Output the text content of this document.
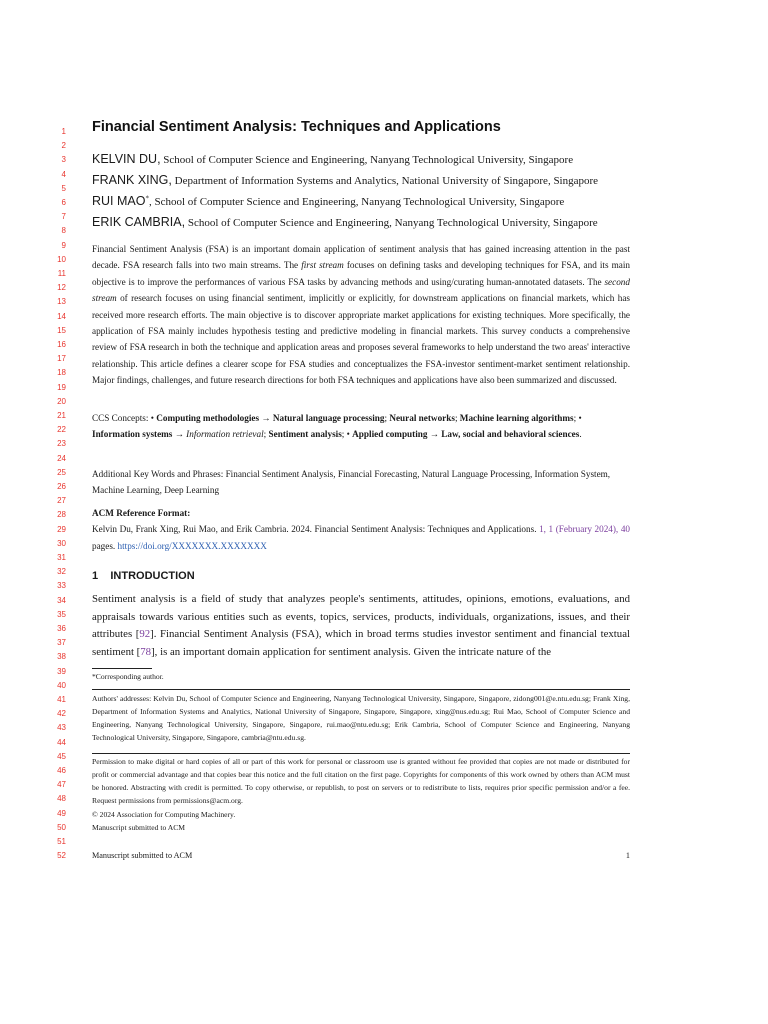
1
2
3
4
5
6
7
8
9
10
11
12
13
14
15
16
17
18
19
20
21
22
23
24
25
26
27
28
29
30
31
32
33
34
35
36
37
38
39
40
41
42
43
44
45
46
47
48
49
50
51
52
Financial Sentiment Analysis: Techniques and Applications
KELVIN DU, School of Computer Science and Engineering, Nanyang Technological University, Singapore
FRANK XING, Department of Information Systems and Analytics, National University of Singapore, Singapore
RUI MAO*, School of Computer Science and Engineering, Nanyang Technological University, Singapore
ERIK CAMBRIA, School of Computer Science and Engineering, Nanyang Technological University, Singapore
Financial Sentiment Analysis (FSA) is an important domain application of sentiment analysis that has gained increasing attention in the past decade. FSA research falls into two main streams. The first stream focuses on defining tasks and developing techniques for FSA, and its main objective is to improve the performances of various FSA tasks by advancing methods and using/curating human-annotated datasets. The second stream of research focuses on using financial sentiment, implicitly or explicitly, for downstream applications on financial markets, which has received more research efforts. The main objective is to discover appropriate market applications for existing techniques. More specifically, the application of FSA mainly includes hypothesis testing and predictive modeling in financial markets. This survey conducts a comprehensive review of FSA research in both the technique and application areas and proposes several frameworks to help understand the two areas' interactive relationship. This article defines a clearer scope for FSA studies and conceptualizes the FSA-investor sentiment-market sentiment relationship. Major findings, challenges, and future research directions for both FSA techniques and applications have also been summarized and discussed.
CCS Concepts: • Computing methodologies → Natural language processing; Neural networks; Machine learning algorithms; • Information systems → Information retrieval; Sentiment analysis; • Applied computing → Law, social and behavioral sciences.
Additional Key Words and Phrases: Financial Sentiment Analysis, Financial Forecasting, Natural Language Processing, Information System, Machine Learning, Deep Learning
ACM Reference Format:
Kelvin Du, Frank Xing, Rui Mao, and Erik Cambria. 2024. Financial Sentiment Analysis: Techniques and Applications. 1, 1 (February 2024), 40 pages. https://doi.org/XXXXXXX.XXXXXXX
1 INTRODUCTION
Sentiment analysis is a field of study that analyzes people's sentiments, attitudes, opinions, emotions, evaluations, and appraisals towards various entities such as events, topics, services, products, individuals, organizations, issues, and their attributes [92]. Financial Sentiment Analysis (FSA), which in broad terms studies investor sentiment and financial textual sentiment [78], is an important domain application for sentiment analysis. Given the intricate nature of the
*Corresponding author.
Authors' addresses: Kelvin Du, School of Computer Science and Engineering, Nanyang Technological University, Singapore, Singapore, zidong001@e.ntu.edu.sg; Frank Xing, Department of Information Systems and Analytics, National University of Singapore, Singapore, Singapore, xing@nus.edu.sg; Rui Mao, School of Computer Science and Engineering, Nanyang Technological University, Singapore, Singapore, rui.mao@ntu.edu.sg; Erik Cambria, School of Computer Science and Engineering, Nanyang Technological University, Singapore, Singapore, cambria@ntu.edu.sg.
Permission to make digital or hard copies of all or part of this work for personal or classroom use is granted without fee provided that copies are not made or distributed for profit or commercial advantage and that copies bear this notice and the full citation on the first page. Copyrights for components of this work owned by others than ACM must be honored. Abstracting with credit is permitted. To copy otherwise, or republish, to post on servers or to redistribute to lists, requires prior specific permission and/or a fee. Request permissions from permissions@acm.org.
© 2024 Association for Computing Machinery.
Manuscript submitted to ACM
Manuscript submitted to ACM	1
